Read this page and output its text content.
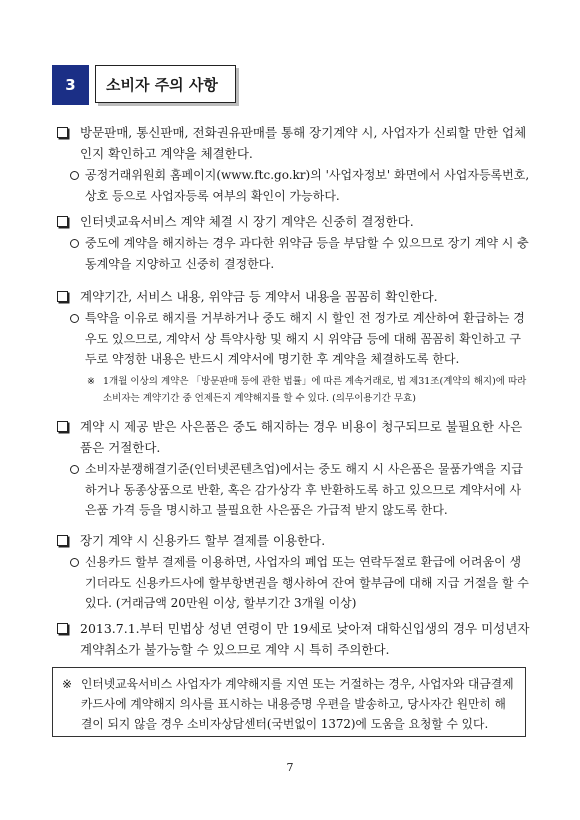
3	소비자 주의 사항
방문판매, 통신판매, 전화권유판매를 통해 장기계약 시, 사업자가 신뢰할 만한 업체인지 확인하고 계약을 체결한다.
공정거래위원회 홈페이지(www.ftc.go.kr)의 '사업자정보' 화면에서 사업자등록번호, 상호 등으로 사업자등록 여부의 확인이 가능하다.
인터넷교육서비스 계약 체결 시 장기 계약은 신중히 결정한다.
중도에 계약을 해지하는 경우 과다한 위약금 등을 부담할 수 있으므로 장기 계약 시 충동계약을 지양하고 신중히 결정한다.
계약기간, 서비스 내용, 위약금 등 계약서 내용을 꼼꼼히 확인한다.
특약을 이유로 해지를 거부하거나 중도 해지 시 할인 전 정가로 계산하여 환급하는 경우도 있으므로, 계약서 상 특약사항 및 해지 시 위약금 등에 대해 꼼꼼히 확인하고 구두로 약정한 내용은 반드시 계약서에 명기한 후 계약을 체결하도록 한다.
※ 1개월 이상의 계약은 「방문판매 등에 관한 법률」에 따른 계속거래로, 법 제31조(계약의 해지)에 따라 소비자는 계약기간 중 언제든지 계약해지를 할 수 있다. (의무이용기간 무효)
계약 시 제공 받은 사은품은 중도 해지하는 경우 비용이 청구되므로 불필요한 사은품은 거절한다.
소비자분쟁해결기준(인터넷콘텐츠업)에서는 중도 해지 시 사은품은 물품가액을 지급하거나 동종상품으로 반환, 혹은 감가상각 후 반환하도록 하고 있으므로 계약서에 사은품 가격 등을 명시하고 불필요한 사은품은 가급적 받지 않도록 한다.
장기 계약 시 신용카드 할부 결제를 이용한다.
신용카드 할부 결제를 이용하면, 사업자의 폐업 또는 연락두절로 환급에 어려움이 생기더라도 신용카드사에 할부항변권을 행사하여 잔여 할부금에 대해 지급 거절을 할 수 있다. (거래금액 20만원 이상, 할부기간 3개월 이상)
2013.7.1.부터 민법상 성년 연령이 만 19세로 낮아져 대학신입생의 경우 미성년자 계약취소가 불가능할 수 있으므로 계약 시 특히 주의한다.
※ 인터넷교육서비스 사업자가 계약해지를 지연 또는 거절하는 경우, 사업자와 대금결제 카드사에 계약해지 의사를 표시하는 내용증명 우편을 발송하고, 당사자간 원만히 해결이 되지 않을 경우 소비자상담센터(국번없이 1372)에 도움을 요청할 수 있다.
7
